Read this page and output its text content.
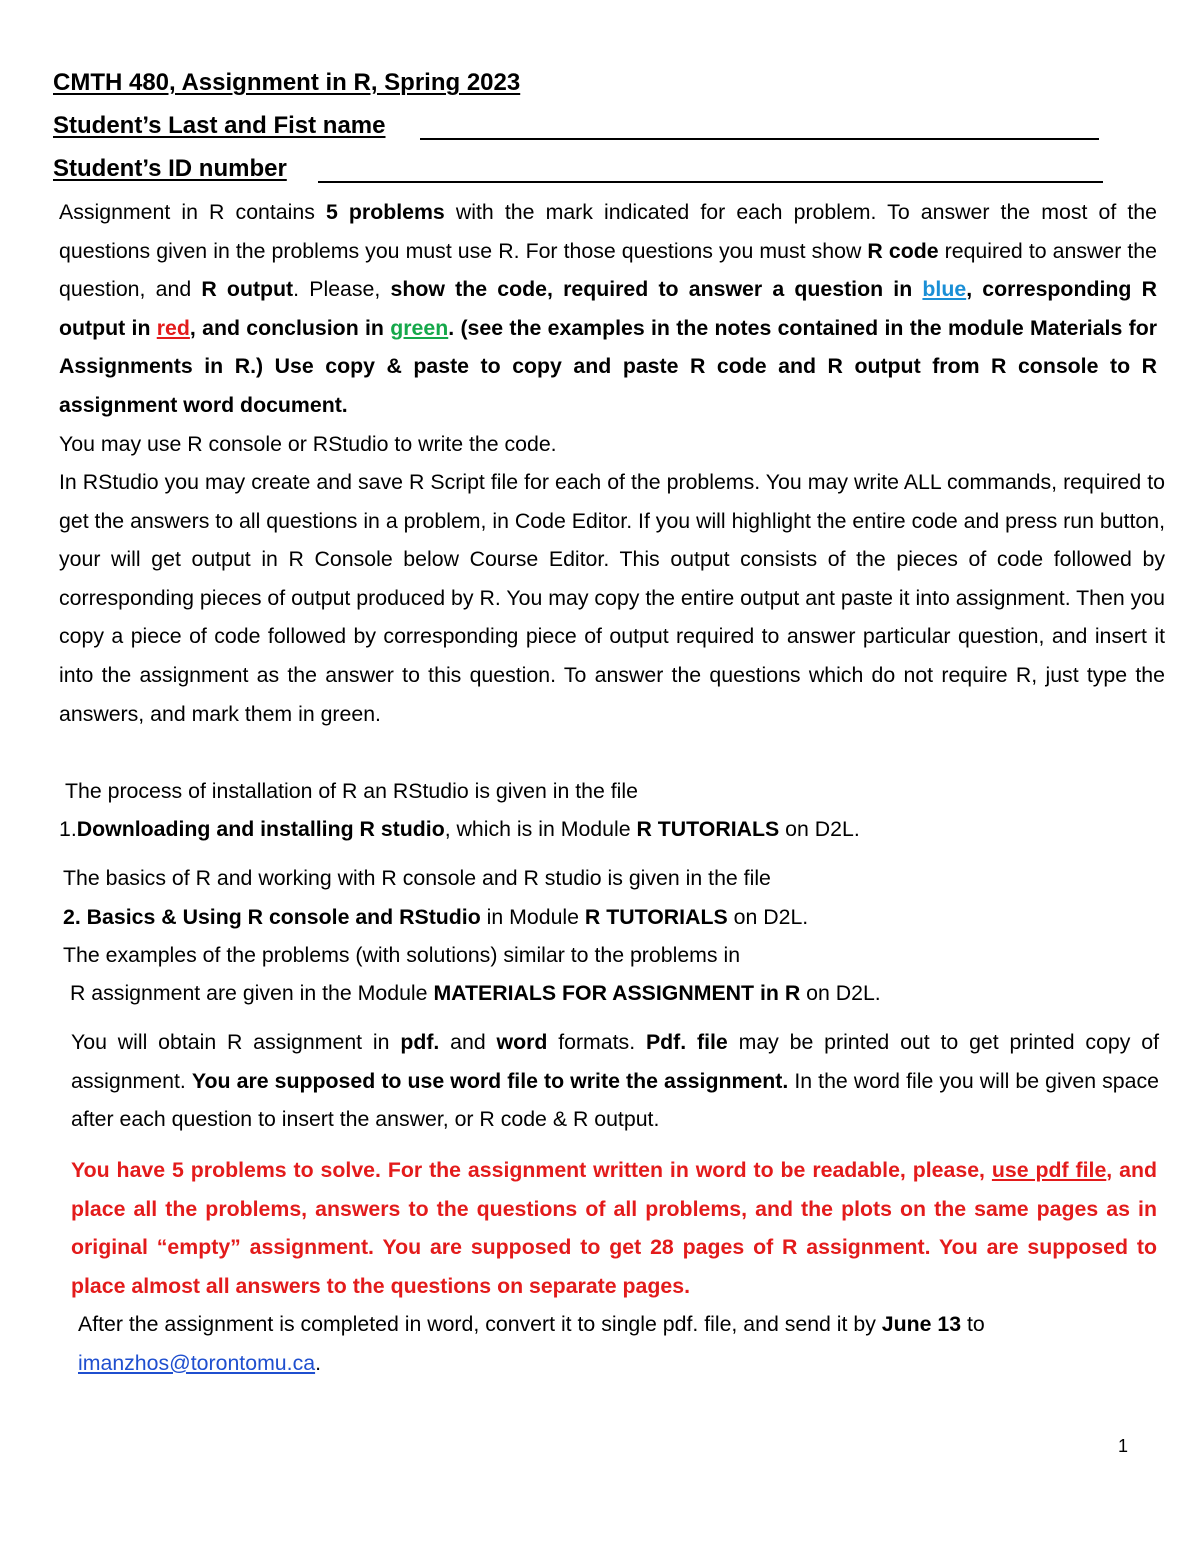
CMTH 480, Assignment in R, Spring 2023
Student’s Last and Fist name
Student’s ID number
Assignment in R contains 5 problems with the mark indicated for each problem. To answer the most of the questions given in the problems you must use R. For those questions you must show R code required to answer the question, and R output. Please, show the code, required to answer a question in blue, corresponding R output in red, and conclusion in green. (see the examples in the notes contained in the module Materials for Assignments in R.) Use copy & paste to copy and paste R code and R output from R console to R assignment word document.
You may use R console or RStudio to write the code.
In RStudio you may create and save R Script file for each of the problems. You may write ALL commands, required to get the answers to all questions in a problem, in Code Editor. If you will highlight the entire code and press run button, your will get output in R Console below Course Editor. This output consists of the pieces of code followed by corresponding pieces of output produced by R. You may copy the entire output ant paste it into assignment. Then you copy a piece of code followed by corresponding piece of output required to answer particular question, and insert it into the assignment as the answer to this question. To answer the questions which do not require R, just type the answers, and mark them in green.
The process of installation of R an RStudio is given in the file
1.Downloading and installing R studio, which is in Module R TUTORIALS on D2L.
The basics of R and working with R console and R studio is given in the file
2. Basics & Using R console and RStudio in Module R TUTORIALS on D2L.
The examples of the problems (with solutions) similar to the problems in
R assignment are given in the Module MATERIALS FOR ASSIGNMENT in R on D2L.
You will obtain R assignment in pdf. and word formats. Pdf. file may be printed out to get printed copy of assignment. You are supposed to use word file to write the assignment. In the word file you will be given space after each question to insert the answer, or R code & R output.
You have 5 problems to solve. For the assignment written in word to be readable, please, use pdf file, and place all the problems, answers to the questions of all problems, and the plots on the same pages as in original “empty” assignment. You are supposed to get 28 pages of R assignment. You are supposed to place almost all answers to the questions on separate pages.
After the assignment is completed in word, convert it to single pdf. file, and send it by June 13 to imanzhos@torontomu.ca.
1
